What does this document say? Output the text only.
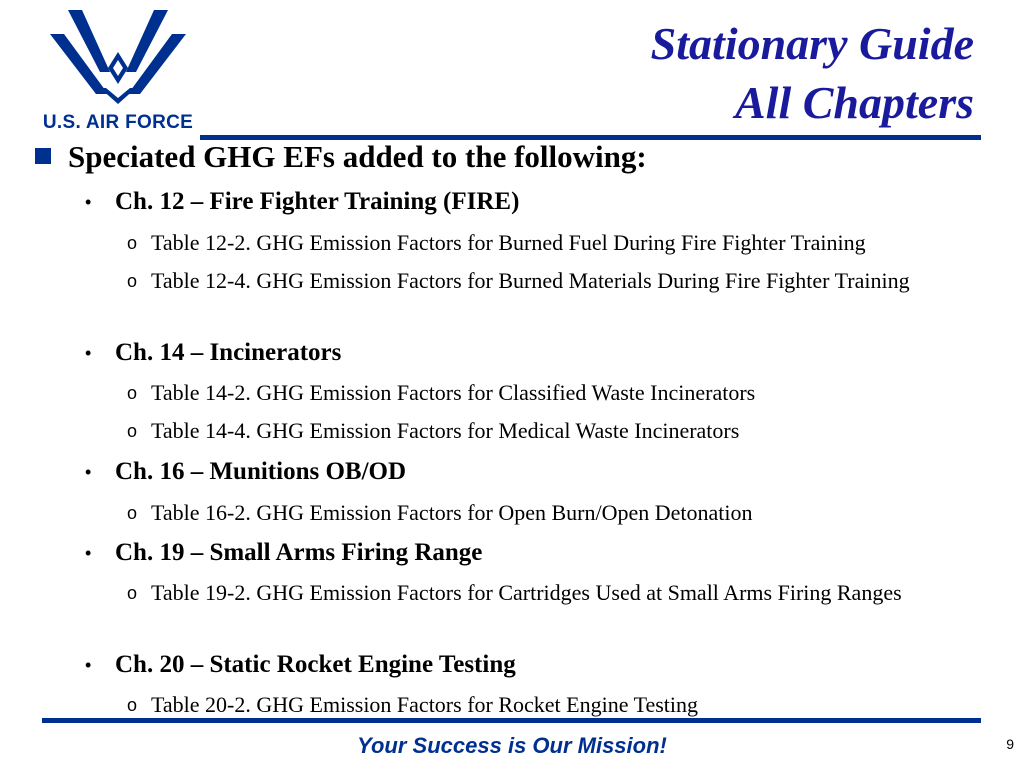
U.S. AIR FORCE
Stationary Guide
All Chapters
Speciated GHG EFs added to the following:
• Ch. 12 – Fire Fighter Training (FIRE)
o Table 12-2. GHG Emission Factors for Burned Fuel During Fire Fighter Training
o Table 12-4. GHG Emission Factors for Burned Materials During Fire Fighter Training
• Ch. 14 – Incinerators
o Table 14-2. GHG Emission Factors for Classified Waste Incinerators
o Table 14-4. GHG Emission Factors for Medical Waste Incinerators
• Ch. 16 – Munitions OB/OD
o Table 16-2. GHG Emission Factors for Open Burn/Open Detonation
• Ch. 19 – Small Arms Firing Range
o Table 19-2. GHG Emission Factors for Cartridges Used at Small Arms Firing Ranges
• Ch. 20 – Static Rocket Engine Testing
o Table 20-2. GHG Emission Factors for Rocket Engine Testing
Your Success is Our Mission!	9
